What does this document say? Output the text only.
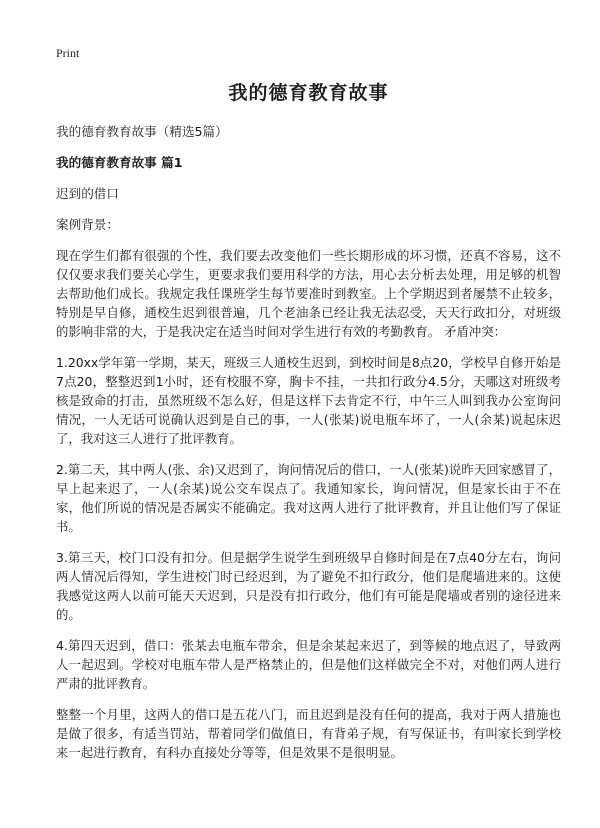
Print
我的德育教育故事
我的德育教育故事（精选5篇）
我的德育教育故事 篇1
迟到的借口
案例背景：
现在学生们都有很强的个性，我们要去改变他们一些长期形成的坏习惯，还真不容易，这不仅仅要求我们要关心学生，更要求我们要用科学的方法，用心去分析去处理，用足够的机智去帮助他们成长。我规定我任课班学生每节要准时到教室。上个学期迟到者屡禁不止较多，特别是早自修，通校生迟到很普遍，几个老油条已经让我无法忍受，天天行政扣分，对班级的影响非常的大，于是我决定在适当时间对学生进行有效的考勤教育。 矛盾冲突：
1.20xx学年第一学期，某天，班级三人通校生迟到，到校时间是8点20，学校早自修开始是7点20，整整迟到1小时，还有校服不穿，胸卡不挂，一共扣行政分4.5分，天哪这对班级考核是致命的打击，虽然班级不怎么好，但是这样下去肯定不行，中午三人叫到我办公室询问情况，一人无话可说确认迟到是自己的事，一人(张某)说电瓶车坏了，一人(余某)说起床迟了，我对这三人进行了批评教育。
2.第二天，其中两人(张、余)又迟到了，询问情况后的借口，一人(张某)说昨天回家感冒了，早上起来迟了，一人(余某)说公交车误点了。我通知家长，询问情况，但是家长由于不在家，他们所说的情况是否属实不能确定。我对这两人进行了批评教育，并且让他们写了保证书。
3.第三天，校门口没有扣分。但是据学生说学生到班级早自修时间是在7点40分左右，询问两人情况后得知，学生进校门时已经迟到，为了避免不扣行政分，他们是爬墙进来的。这使我感觉这两人以前可能天天迟到，只是没有扣行政分，他们有可能是爬墙或者别的途径进来的。
4.第四天迟到，借口：张某去电瓶车带余，但是余某起来迟了，到等候的地点迟了，导致两人一起迟到。学校对电瓶车带人是严格禁止的，但是他们这样做完全不对，对他们两人进行严肃的批评教育。
整整一个月里，这两人的借口是五花八门，而且迟到是没有任何的提高，我对于两人措施也是做了很多，有适当罚站，帮着同学们做值日，有背弟子规，有写保证书，有叫家长到学校来一起进行教育，有科办直接处分等等，但是效果不是很明显。
